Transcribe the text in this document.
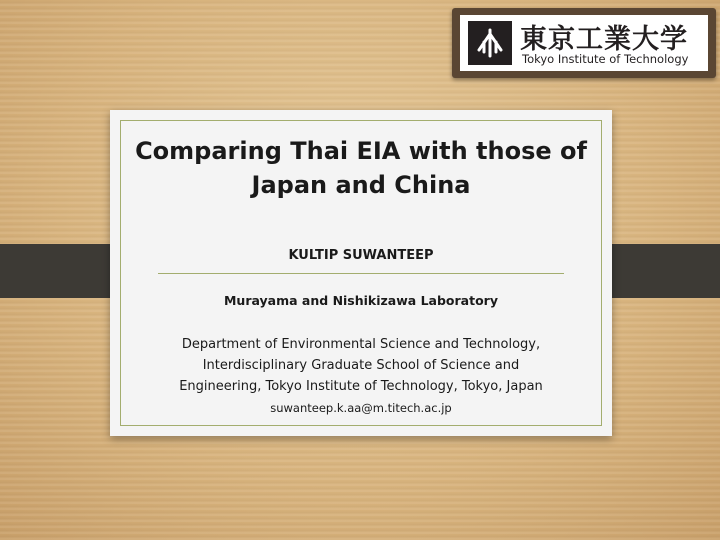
東京工業大学
Tokyo Institute of Technology
Comparing Thai EIA with those of
Japan and China
KULTIP SUWANTEEP
Murayama and Nishikizawa Laboratory
Department of Environmental Science and Technology,
Interdisciplinary Graduate School of Science and
Engineering, Tokyo Institute of Technology, Tokyo, Japan
suwanteep.k.aa@m.titech.ac.jp
